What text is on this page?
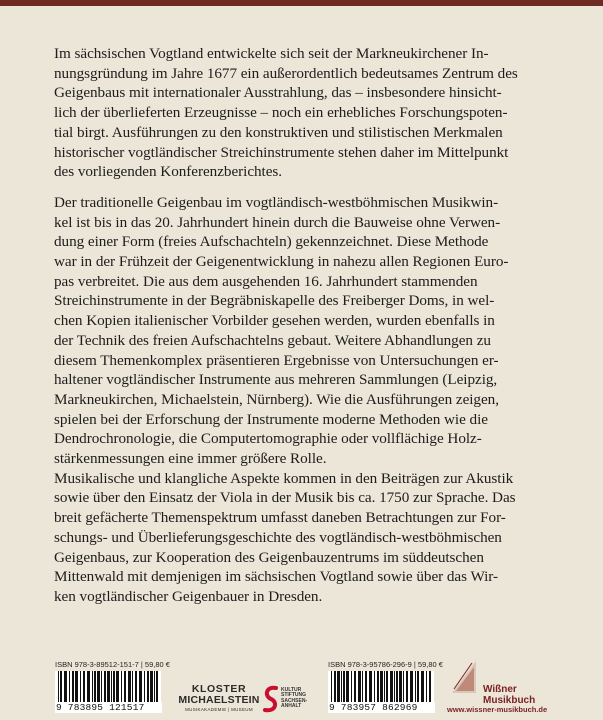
Im sächsischen Vogtland entwickelte sich seit der Markneukirchener In-
nungsgründung im Jahre 1677 ein außerordentlich bedeutsames Zentrum des
Geigenbaus mit internationaler Ausstrahlung, das – insbesondere hinsicht-
lich der überlieferten Erzeugnisse – noch ein erhebliches Forschungspoten-
tial birgt. Ausführungen zu den konstruktiven und stilistischen Merkmalen
historischer vogtländischer Streichinstrumente stehen daher im Mittelpunkt
des vorliegenden Konferenzberichtes.

Der traditionelle Geigenbau im vogtländisch-westböhmischen Musikwin-
kel ist bis in das 20. Jahrhundert hinein durch die Bauweise ohne Verwen-
dung einer Form (freies Aufschachteln) gekennzeichnet. Diese Methode
war in der Frühzeit der Geigenentwicklung in nahezu allen Regionen Euro-
pas verbreitet. Die aus dem ausgehenden 16. Jahrhundert stammenden
Streichinstrumente in der Begräbniskapelle des Freiberger Doms, in wel-
chen Kopien italienischer Vorbilder gesehen werden, wurden ebenfalls in
der Technik des freien Aufschachtelns gebaut. Weitere Abhandlungen zu
diesem Themenkomplex präsentieren Ergebnisse von Untersuchungen er-
haltener vogtländischer Instrumente aus mehreren Sammlungen (Leipzig,
Markneukirchen, Michaelstein, Nürnberg). Wie die Ausführungen zeigen,
spielen bei der Erforschung der Instrumente moderne Methoden wie die
Dendrochronologie, die Computertomographie oder vollflächige Holz-
stärkenmessungen eine immer größere Rolle.
Musikalische und klangliche Aspekte kommen in den Beiträgen zur Akustik
sowie über den Einsatz der Viola in der Musik bis ca. 1750 zur Sprache. Das
breit gefächerte Themenspektrum umfasst daneben Betrachtungen zur For-
schungs- und Überlieferungsgeschichte des vogtländisch-westböhmischen
Geigenbaus, zur Kooperation des Geigenbauzentrums im süddeutschen
Mittenwald mit demjenigen im sächsischen Vogtland sowie über das Wir-
ken vogtländischer Geigenbauer in Dresden.

ISBN 978-3-89512-151-7 | 59,80 €
9 783895 121517
ISBN 978-3-95786-296-9 | 59,80 €
9 783957 862969
KLOSTER
MICHAELSTEIN
MUSIKAKADEMIE | MUSEUM
KULTUR
STIFTUNG
SACHSEN-
ANHALT
Wißner
Musikbuch
www.wissner-musikbuch.de
